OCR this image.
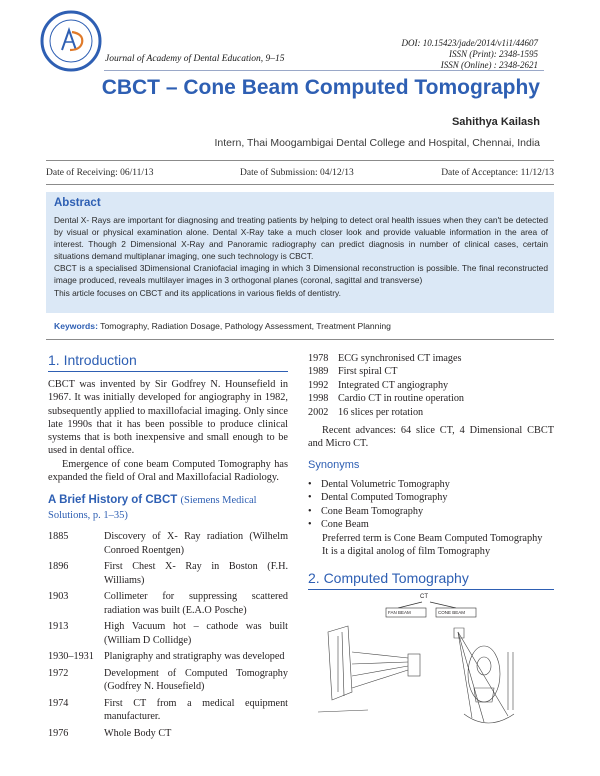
Journal of Academy of Dental Education, 9–15
DOI: 10.15423/jade/2014/v1i1/44607
ISSN (Print): 2348-1595
ISSN (Online) : 2348-2621
CBCT – Cone Beam Computed Tomography
Sahithya Kailash
Intern, Thai Moogambigai Dental College and Hospital, Chennai, India
Date of Receiving: 06/11/13	Date of Submission: 04/12/13	Date of Acceptance: 11/12/13
Abstract

Dental X- Rays are important for diagnosing and treating patients by helping to detect oral health issues when they can't be detected by visual or physical examination alone. Dental X-Ray take a much closer look and provide valuable information in the area of interest. Though 2 Dimensional X-Ray and Panoramic radiography can predict diagnosis in number of clinical cases, certain situations demand multiplanar imaging, one such technology is CBCT.

CBCT is a specialised 3Dimensional Craniofacial imaging in which 3 Dimensional reconstruction is possible. The final reconstructed image produced, reveals multilayer images in 3 orthogonal planes (coronal, sagittal and transverse)

This article focuses on CBCT and its applications in various fields of dentistry.

Keywords: Tomography, Radiation Dosage, Pathology Assessment, Treatment Planning
1. Introduction
CBCT was invented by Sir Godfrey N. Hounsefield in 1967. It was initially developed for angiography in 1982, subsequently applied to maxillofacial imaging. Only since late 1990s that it has been possible to produce clinical systems that is both inexpensive and small enough to be used in dental office.
Emergence of cone beam Computed Tomography has expanded the field of Oral and Maxillofacial Radiology.
A Brief History of CBCT (Siemens Medical Solutions, p. 1–35)
1885	Discovery of X- Ray radiation (Wilhelm Conroed Roentgen)
1896	First Chest X- Ray in Boston (F.H. Williams)
1903	Collimeter for suppressing scattered radiation was built (E.A.O Posche)
1913	High Vacuum hot – cathode was built (William D Collidge)
1930–1931	Planigraphy and stratigraphy was developed
1972	Development of Computed Tomography (Godfrey N. Housefield)
1974	First CT from a medical equipment manufacturer.
1976	Whole Body CT
1978	ECG synchronised CT images
1989	First spiral CT
1992	Integrated CT angiography
1998	Cardio CT in routine operation
2002	16 slices per rotation
Recent advances: 64 slice CT, 4 Dimensional CBCT and Micro CT.
Synonyms
• Dental Volumetric Tomography
• Dental Computed Tomography
• Cone Beam Tomography
• Cone Beam
Preferred term is Cone Beam Computed Tomography
It is a digital anolog of film Tomography
2. Computed Tomography
CT
FAN BEAM	CONE BEAM
